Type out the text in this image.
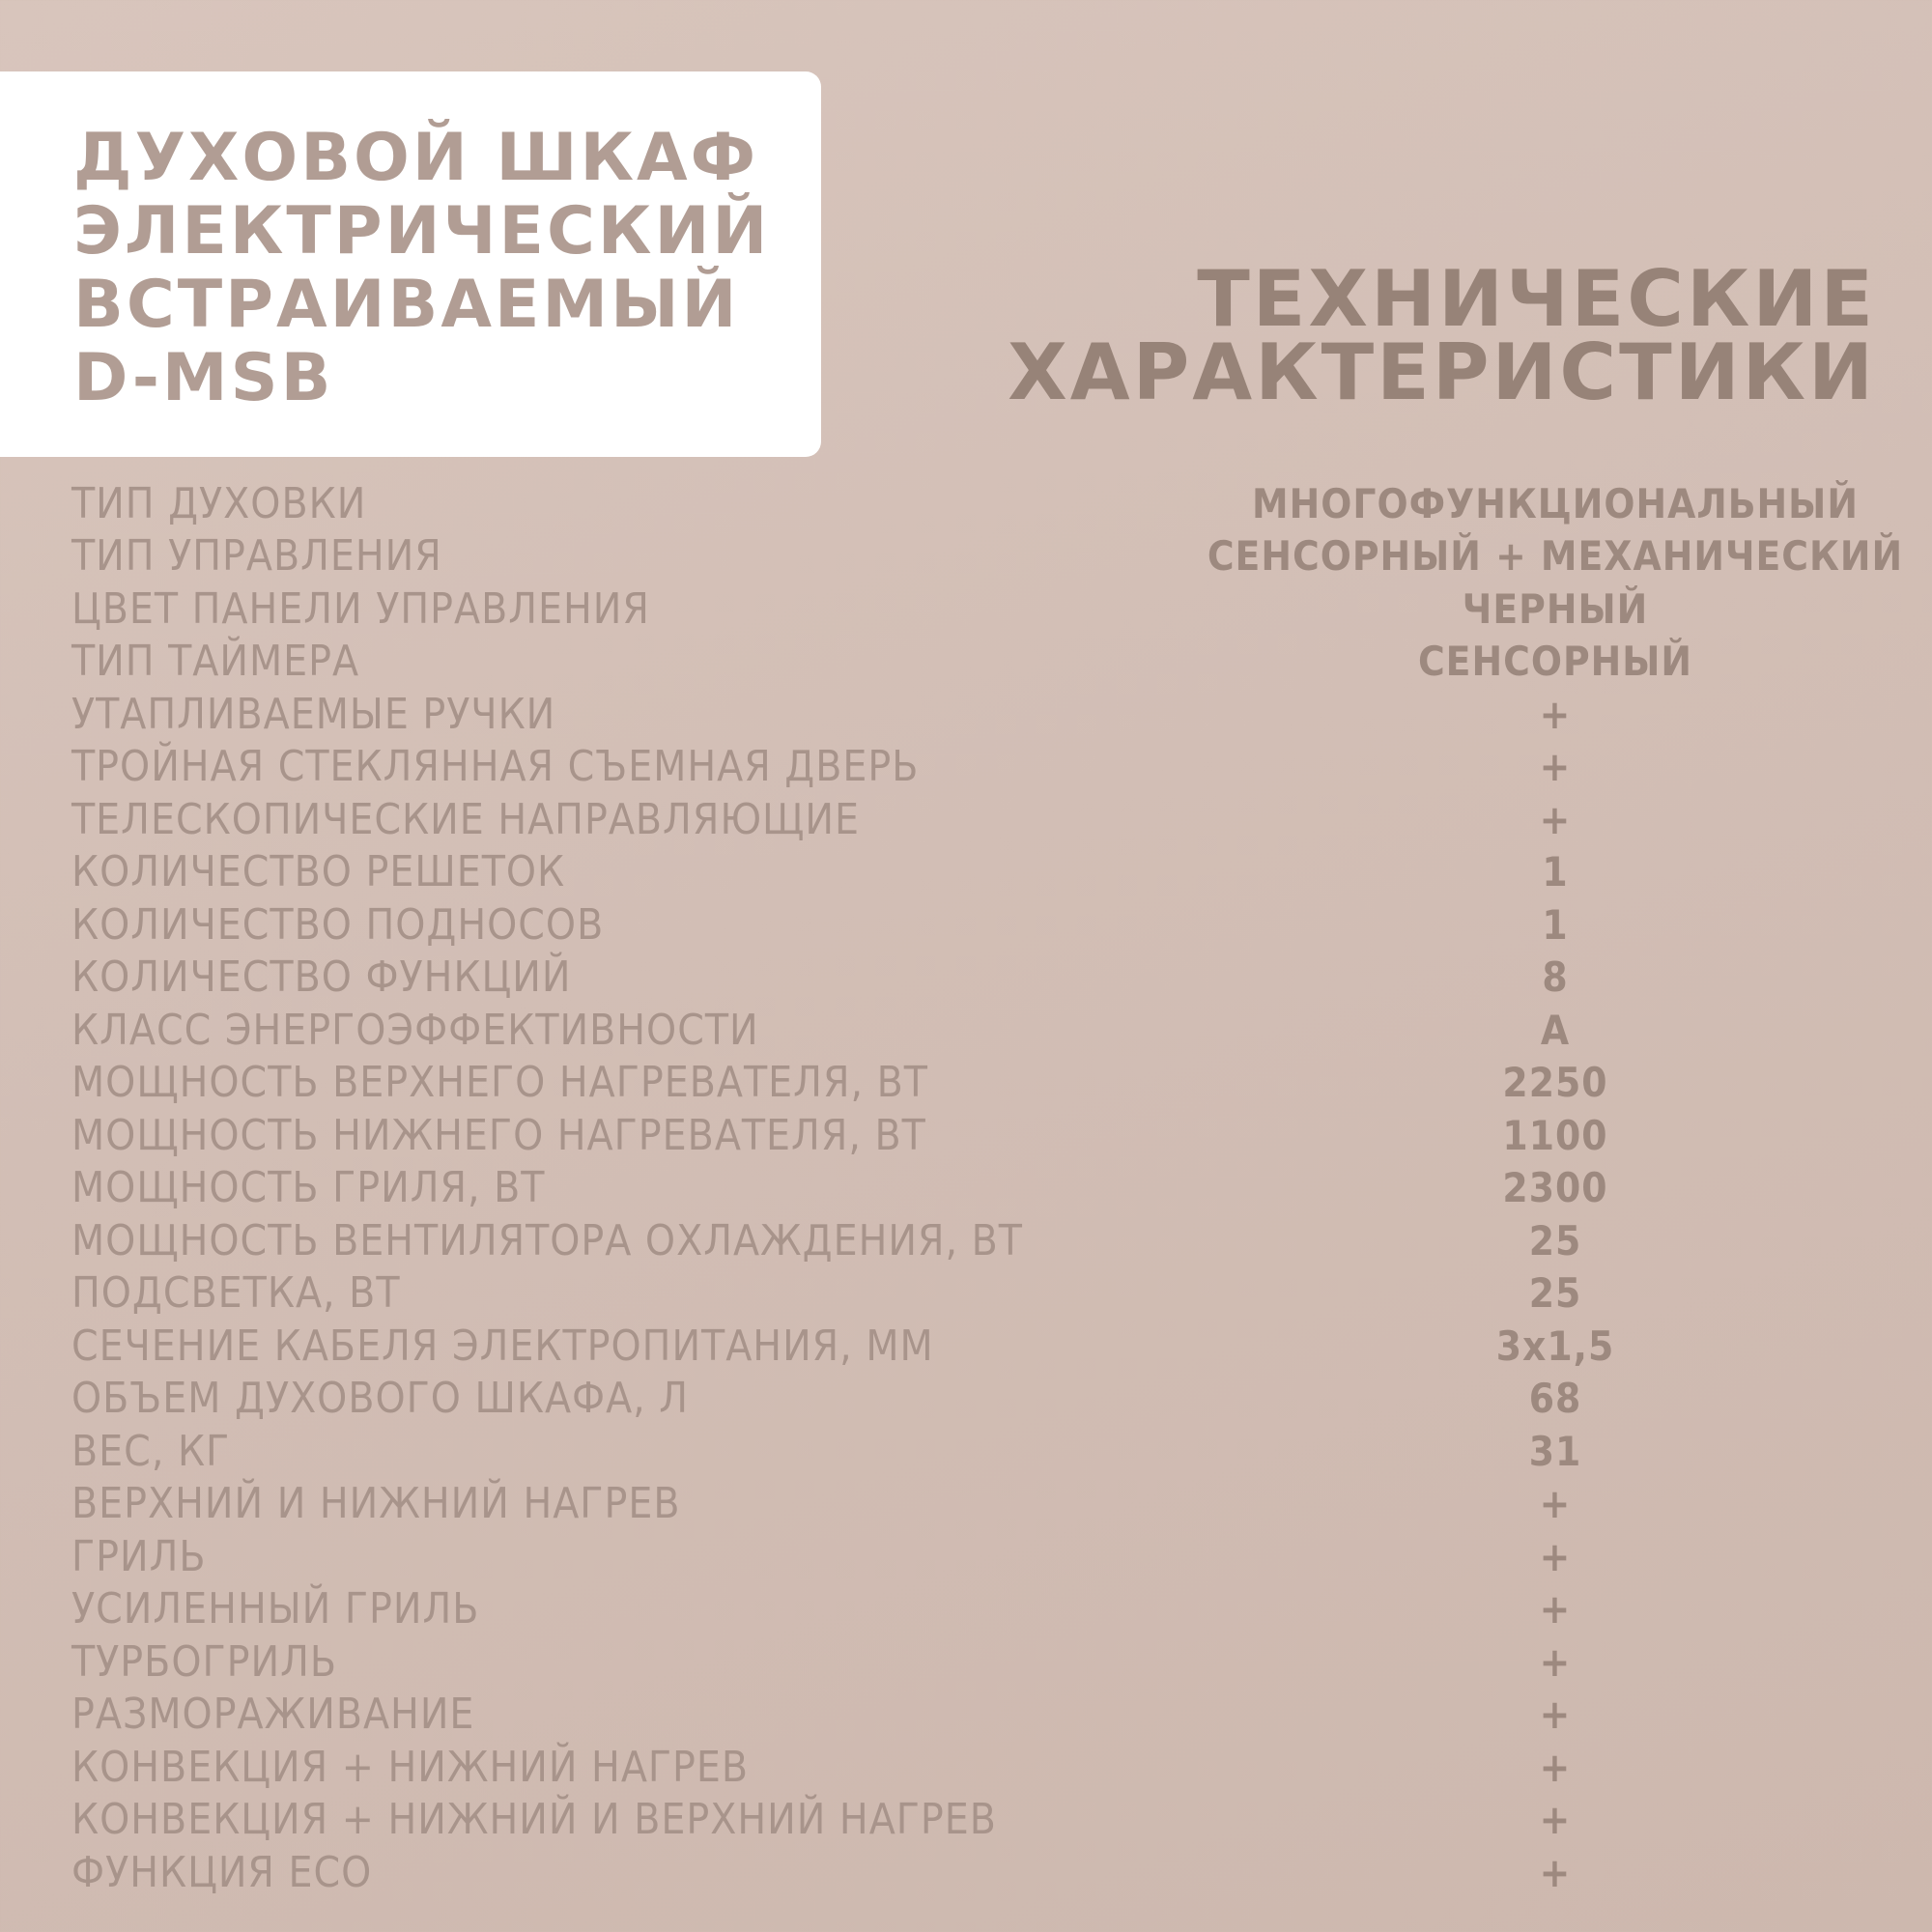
ДУХОВОЙ ШКАФ
ЭЛЕКТРИЧЕСКИЙ
ВСТРАИВАЕМЫЙ
D-MSB
ТЕХНИЧЕСКИЕ
ХАРАКТЕРИСТИКИ
ТИП ДУХОВКИ	МНОГОФУНКЦИОНАЛЬНЫЙ
ТИП УПРАВЛЕНИЯ	СЕНСОРНЫЙ + МЕХАНИЧЕСКИЙ
ЦВЕТ ПАНЕЛИ УПРАВЛЕНИЯ	ЧЕРНЫЙ
ТИП ТАЙМЕРА	СЕНСОРНЫЙ
УТАПЛИВАЕМЫЕ РУЧКИ	+
ТРОЙНАЯ СТЕКЛЯННАЯ СЪЕМНАЯ ДВЕРЬ	+
ТЕЛЕСКОПИЧЕСКИЕ НАПРАВЛЯЮЩИЕ	+
КОЛИЧЕСТВО РЕШЕТОК	1
КОЛИЧЕСТВО ПОДНОСОВ	1
КОЛИЧЕСТВО ФУНКЦИЙ	8
КЛАСС ЭНЕРГОЭФФЕКТИВНОСТИ	А
МОЩНОСТЬ ВЕРХНЕГО НАГРЕВАТЕЛЯ, ВТ	2250
МОЩНОСТЬ НИЖНЕГО НАГРЕВАТЕЛЯ, ВТ	1100
МОЩНОСТЬ ГРИЛЯ, ВТ	2300
МОЩНОСТЬ ВЕНТИЛЯТОРА ОХЛАЖДЕНИЯ, ВТ	25
ПОДСВЕТКА, ВТ	25
СЕЧЕНИЕ КАБЕЛЯ ЭЛЕКТРОПИТАНИЯ, ММ	3х1,5
ОБЪЕМ ДУХОВОГО ШКАФА, Л	68
ВЕС, КГ	31
ВЕРХНИЙ И НИЖНИЙ НАГРЕВ	+
ГРИЛЬ	+
УСИЛЕННЫЙ ГРИЛЬ	+
ТУРБОГРИЛЬ	+
РАЗМОРАЖИВАНИЕ	+
КОНВЕКЦИЯ + НИЖНИЙ НАГРЕВ	+
КОНВЕКЦИЯ + НИЖНИЙ И ВЕРХНИЙ НАГРЕВ	+
ФУНКЦИЯ ECO	+
